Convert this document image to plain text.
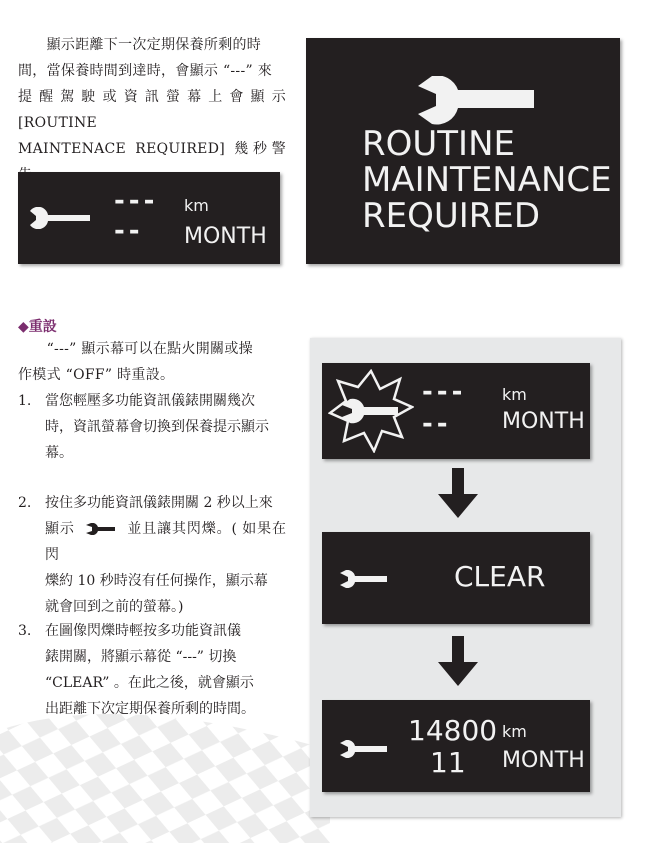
　　顯示距離下一次定期保養所剩的時
間，當保養時間到達時，會顯示 “---” 來
提醒駕駛或資訊螢幕上會顯示 [ROUTINE
MAINTENACE REQUIRED] 幾秒警
---
--
km
MONTH
ROUTINE
MAINTENANCE
REQUIRED
◆重設
　　“---” 顯示幕可以在點火開關或操
作模式 “OFF” 時重設。
1. 當您輕壓多功能資訊儀錶開關幾次
時，資訊螢幕會切換到保養提示顯示
幕。
2. 按住多功能資訊儀錶開關 2 秒以上來
顯示	並且讓其閃爍。( 如果在閃
爍約 10 秒時沒有任何操作，顯示幕
就會回到之前的螢幕。)
3. 在圖像閃爍時輕按多功能資訊儀
錶開關，將顯示幕從 “---” 切換
“CLEAR” 。在此之後，就會顯示
出距離下次定期保養所剩的時間。
---
--
km
MONTH
CLEAR
14800
11
km
MONTH
